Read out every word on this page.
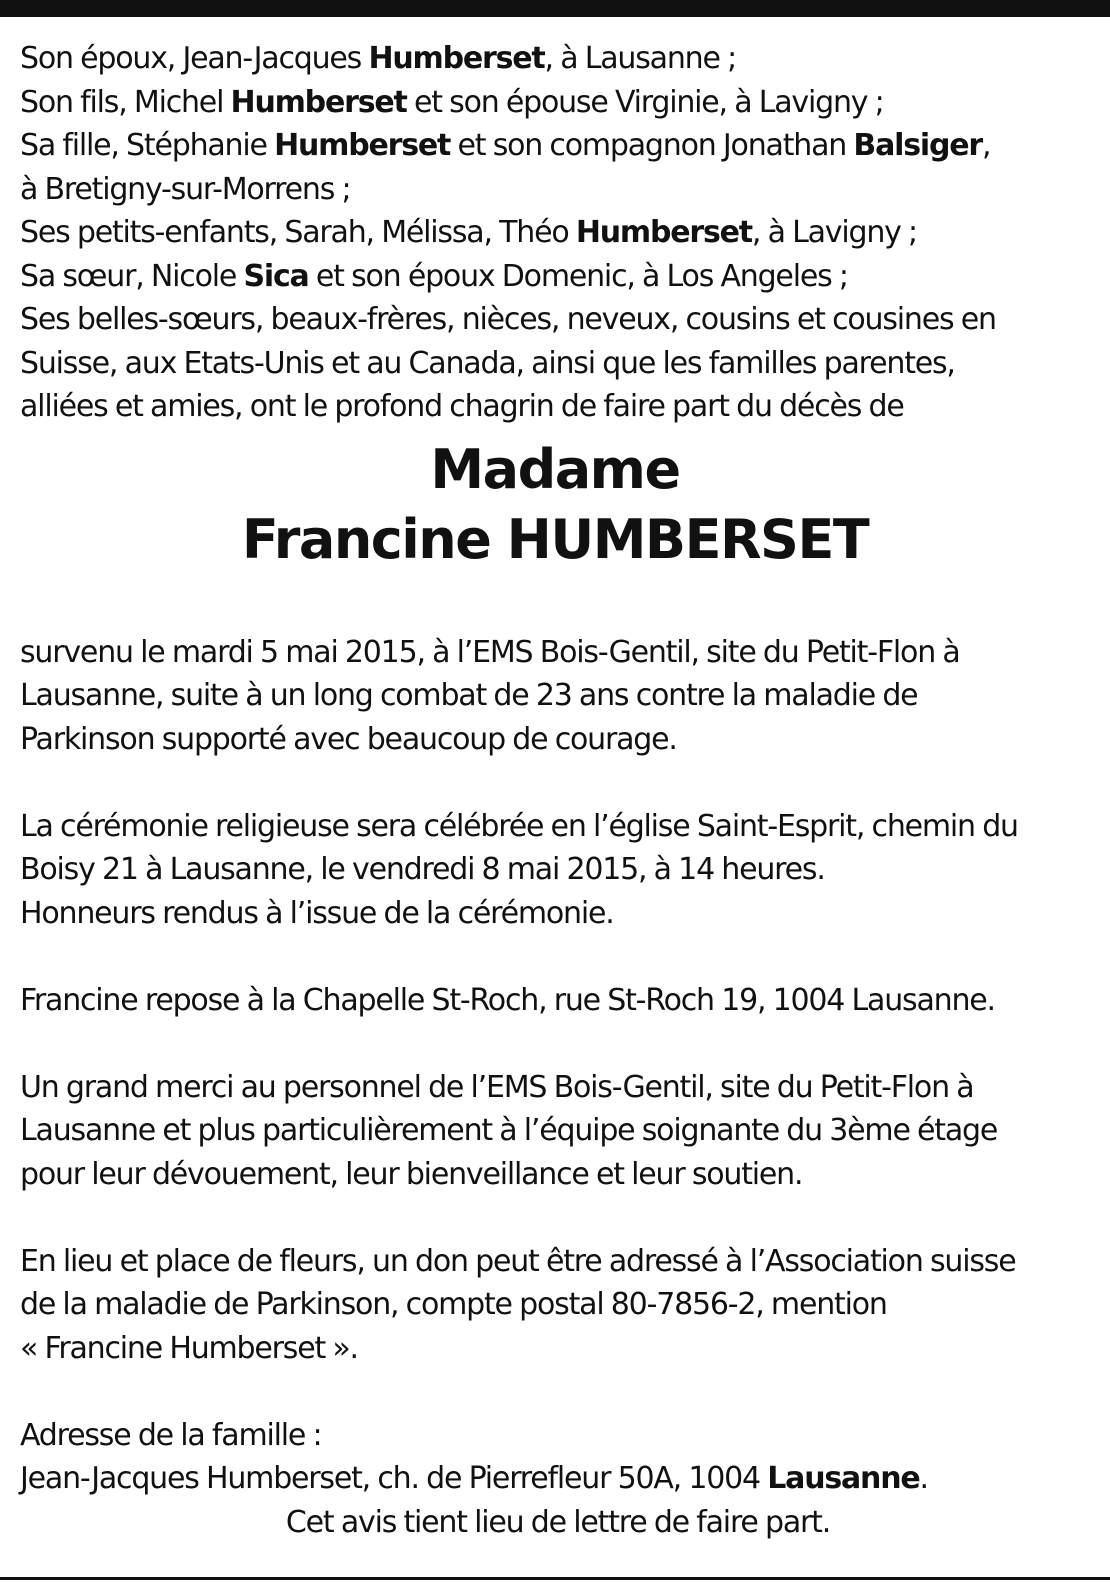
Son époux, Jean-Jacques Humberset, à Lausanne ;

Son fils, Michel Humberset et son épouse Virginie, à Lavigny ;

Sa fille, Stéphanie Humberset et son compagnon Jonathan Balsiger,

à Bretigny-sur-Morrens ;

Ses petits-enfants, Sarah, Mélissa, Théo Humberset, à Lavigny ;

Sa sœur, Nicole Sica et son époux Domenic, à Los Angeles ;

Ses belles-sœurs, beaux-frères, nièces, neveux, cousins et cousines en

Suisse, aux Etats-Unis et au Canada, ainsi que les familles parentes,

alliées et amies, ont le profond chagrin de faire part du décès de

Madame
Francine HUMBERSET

survenu le mardi 5 mai 2015, à l’EMS Bois-Gentil, site du Petit-Flon à

Lausanne, suite à un long combat de 23 ans contre la maladie de

Parkinson supporté avec beaucoup de courage.

La cérémonie religieuse sera célébrée en l’église Saint-Esprit, chemin du

Boisy 21 à Lausanne, le vendredi 8 mai 2015, à 14 heures.

Honneurs rendus à l’issue de la cérémonie.

Francine repose à la Chapelle St-Roch, rue St-Roch 19, 1004 Lausanne.

Un grand merci au personnel de l’EMS Bois-Gentil, site du Petit-Flon à

Lausanne et plus particulièrement à l’équipe soignante du 3ème étage

pour leur dévouement, leur bienveillance et leur soutien.

En lieu et place de fleurs, un don peut être adressé à l’Association suisse

de la maladie de Parkinson, compte postal 80-7856-2, mention

« Francine Humberset ».

Adresse de la famille :

Jean-Jacques Humberset, ch. de Pierrefleur 50A, 1004 Lausanne.

Cet avis tient lieu de lettre de faire part.
